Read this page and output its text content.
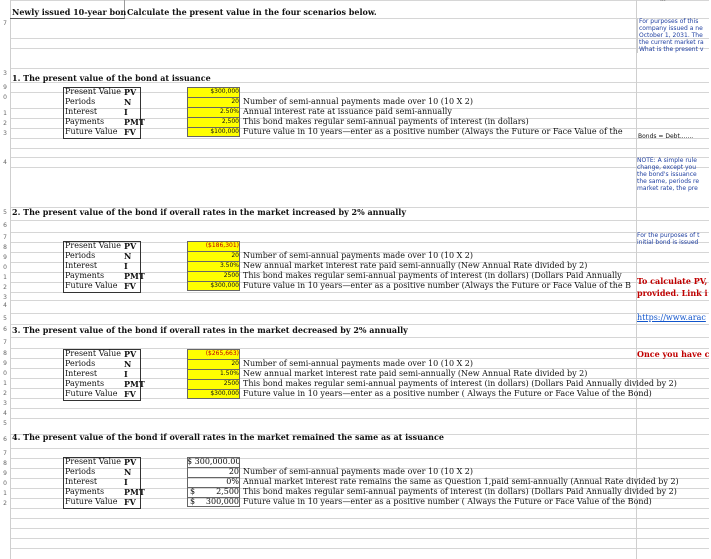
7
3
9
0
1
2
3
4
5
6
7
8
9
0
1
2
3
4
5
6
7
8
9
0
1
2
3
4
5
6
7
8
9
0
1
2
Newly issued 10-year bon Calculate the present value in the four scenarios below.
1. The present value of the bond at issuance
Present Value PV	$300,000
Periods	N	20 Number of semi-annual payments made over 10 (10 X 2)
Interest	I	2.50% Annual interest rate at issuance paid semi-annually
Payments	PMT	2,500 This bond makes regular semi-annual payments of interest (in dollars)
Future Value FV	$100,000 Future value in 10 years—enter as a positive number (Always the Future or Face Value of the
2. The present value of the bond if overall rates in the market increased by 2% annually
Present Value PV	($186,301)
Periods	N	20 Number of semi-annual payments made over 10 (10 X 2)
Interest	I	3.50% New annual market interest rate paid semi-annually (New Annual Rate divided by 2)
Payments	PMT	2500 This bond makes regular semi-annual payments of interest (in dollars) (Dollars Paid Annually
Future Value FV	$300,000 Future value in 10 years—enter as a positive number (Always the Future or Face Value of the B
3. The present value of the bond if overall rates in the market decreased by 2% annually
Present Value PV	($265,663)
Periods	N	20 Number of semi-annual payments made over 10 (10 X 2)
Interest	I	1.50% New annual market interest rate paid semi-annually (New Annual Rate divided by 2)
Payments	PMT	2500 This bond makes regular semi-annual payments of interest (in dollars) (Dollars Paid Annually divided by 2)
Future Value FV	$300,000 Future value in 10 years—enter as a positive number ( Always the Future or Face Value of the Bond)
4. The present value of the bond if overall rates in the market remained the same as at issuance
Present Value PV	$ 300,000.00
Periods	N	20 Number of semi-annual payments made over 10 (10 X 2)
Interest	I	0% Annual market interest rate remains the same as Question 1,paid semi-annually (Annual Rate divided by 2)
Payments	PMT	$	2,500 This bond makes regular semi-annual payments of interest (in dollars) (Dollars Paid Annually divided by 2)
Future Value FV	$	300,000 Future value in 10 years—enter as a positive number ( Always the Future or Face Value of the Bond)
For purposes of this
company issued a ne
October 1, 2031. The
the current market ra
What is the present v
Bonds = Debt.......
NOTE: A simple rule
change, except you
the bond's issuance
the same, periods re
market rate, the pre
For the purposes of t
initial bond is issued
To calculate PV,
provided. Link i
https://www.arac
Once you have c
